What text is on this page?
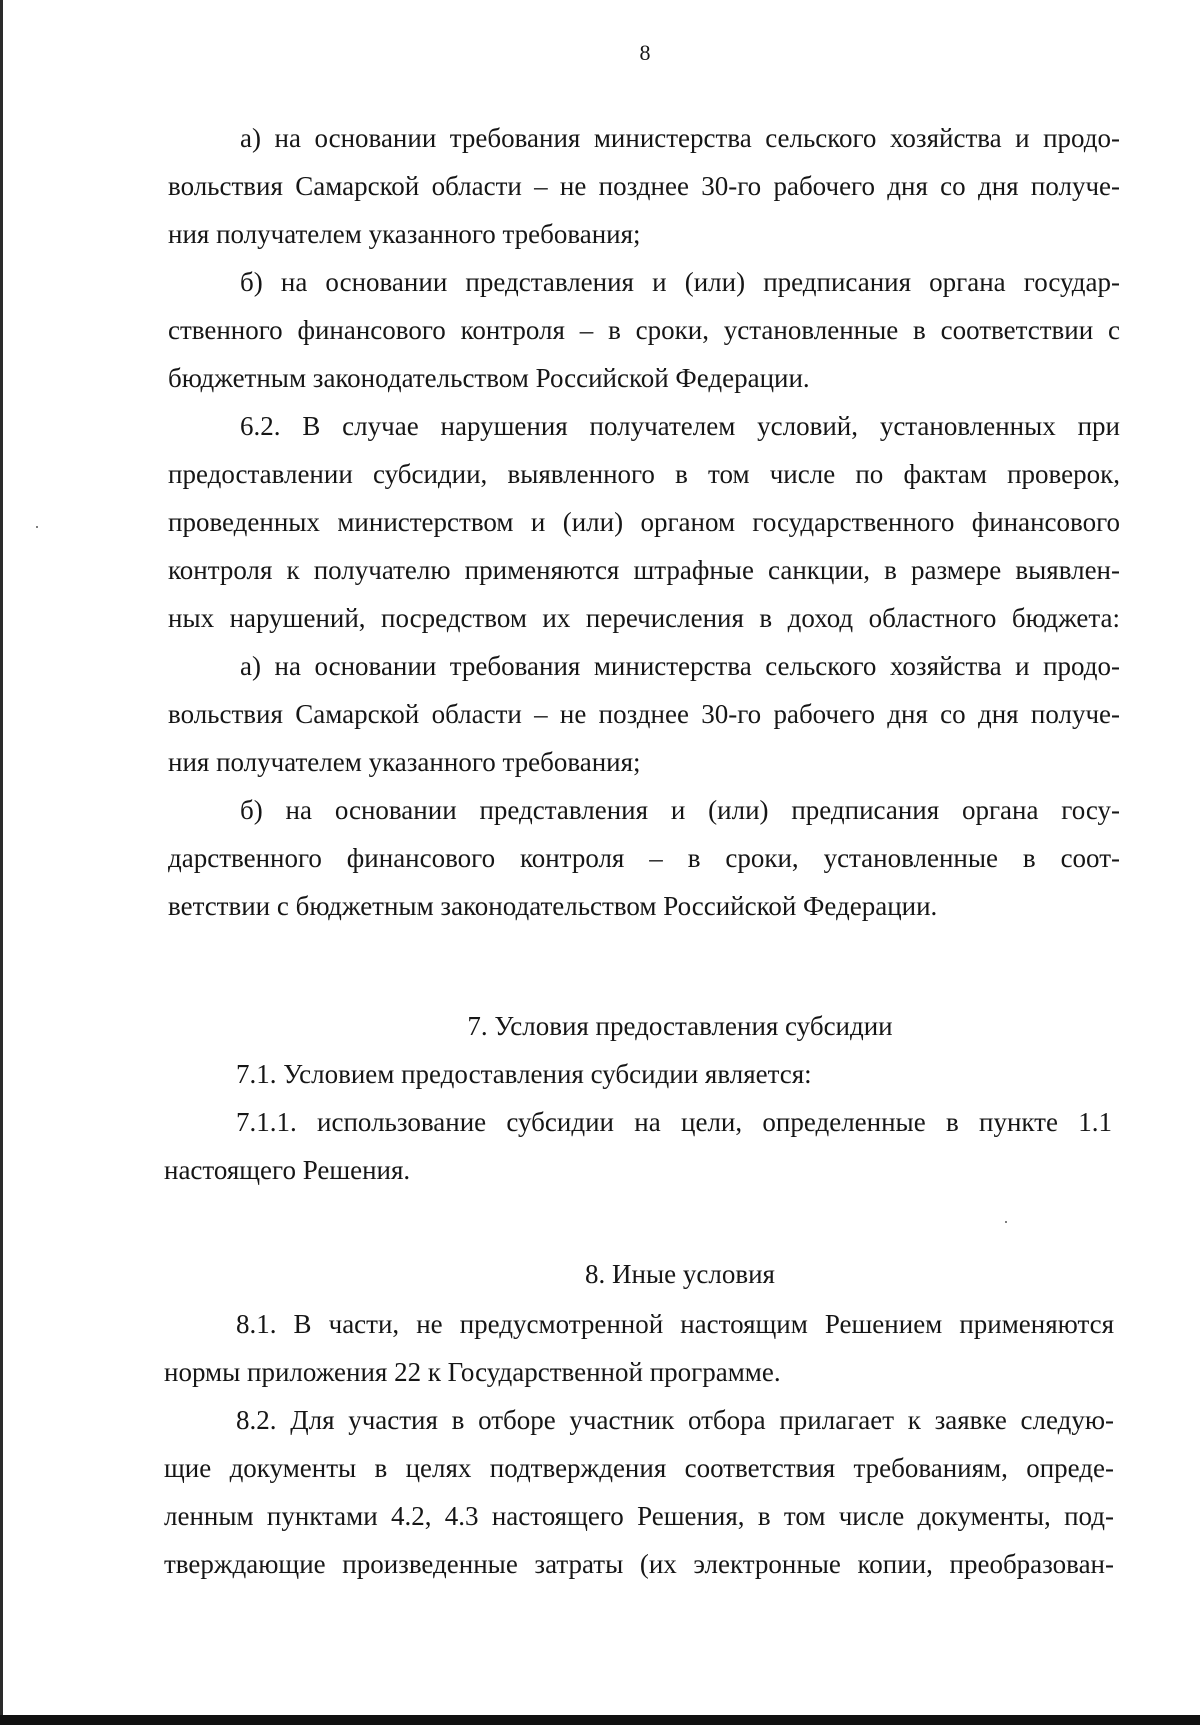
8
а) на основании требования министерства сельского хозяйства и продо-
вольствия Самарской области – не позднее 30-го рабочего дня со дня получе-
ния получателем указанного требования;
б) на основании представления и (или) предписания органа государ-
ственного финансового контроля – в сроки, установленные в соответствии с
бюджетным законодательством Российской Федерации.
6.2. В случае нарушения получателем условий, установленных при
предоставлении субсидии, выявленного в том числе по фактам проверок,
проведенных министерством и (или) органом государственного финансового
контроля к получателю применяются штрафные санкции, в размере выявлен-
ных нарушений, посредством их перечисления в доход областного бюджета:
а) на основании требования министерства сельского хозяйства и продо-
вольствия Самарской области – не позднее 30-го рабочего дня со дня получе-
ния получателем указанного требования;
б) на основании представления и (или) предписания органа госу-
дарственного финансового контроля – в сроки, установленные в соот-
ветствии с бюджетным законодательством Российской Федерации.
7. Условия предоставления субсидии
7.1. Условием предоставления субсидии является:
7.1.1. использование субсидии на цели, определенные в пункте 1.1
настоящего Решения.
8. Иные условия
8.1. В части, не предусмотренной настоящим Решением применяются
нормы приложения 22 к Государственной программе.
8.2. Для участия в отборе участник отбора прилагает к заявке следую-
щие документы в целях подтверждения соответствия требованиям, опреде-
ленным пунктами 4.2, 4.3 настоящего Решения, в том числе документы, под-
тверждающие произведенные затраты (их электронные копии, преобразован-
